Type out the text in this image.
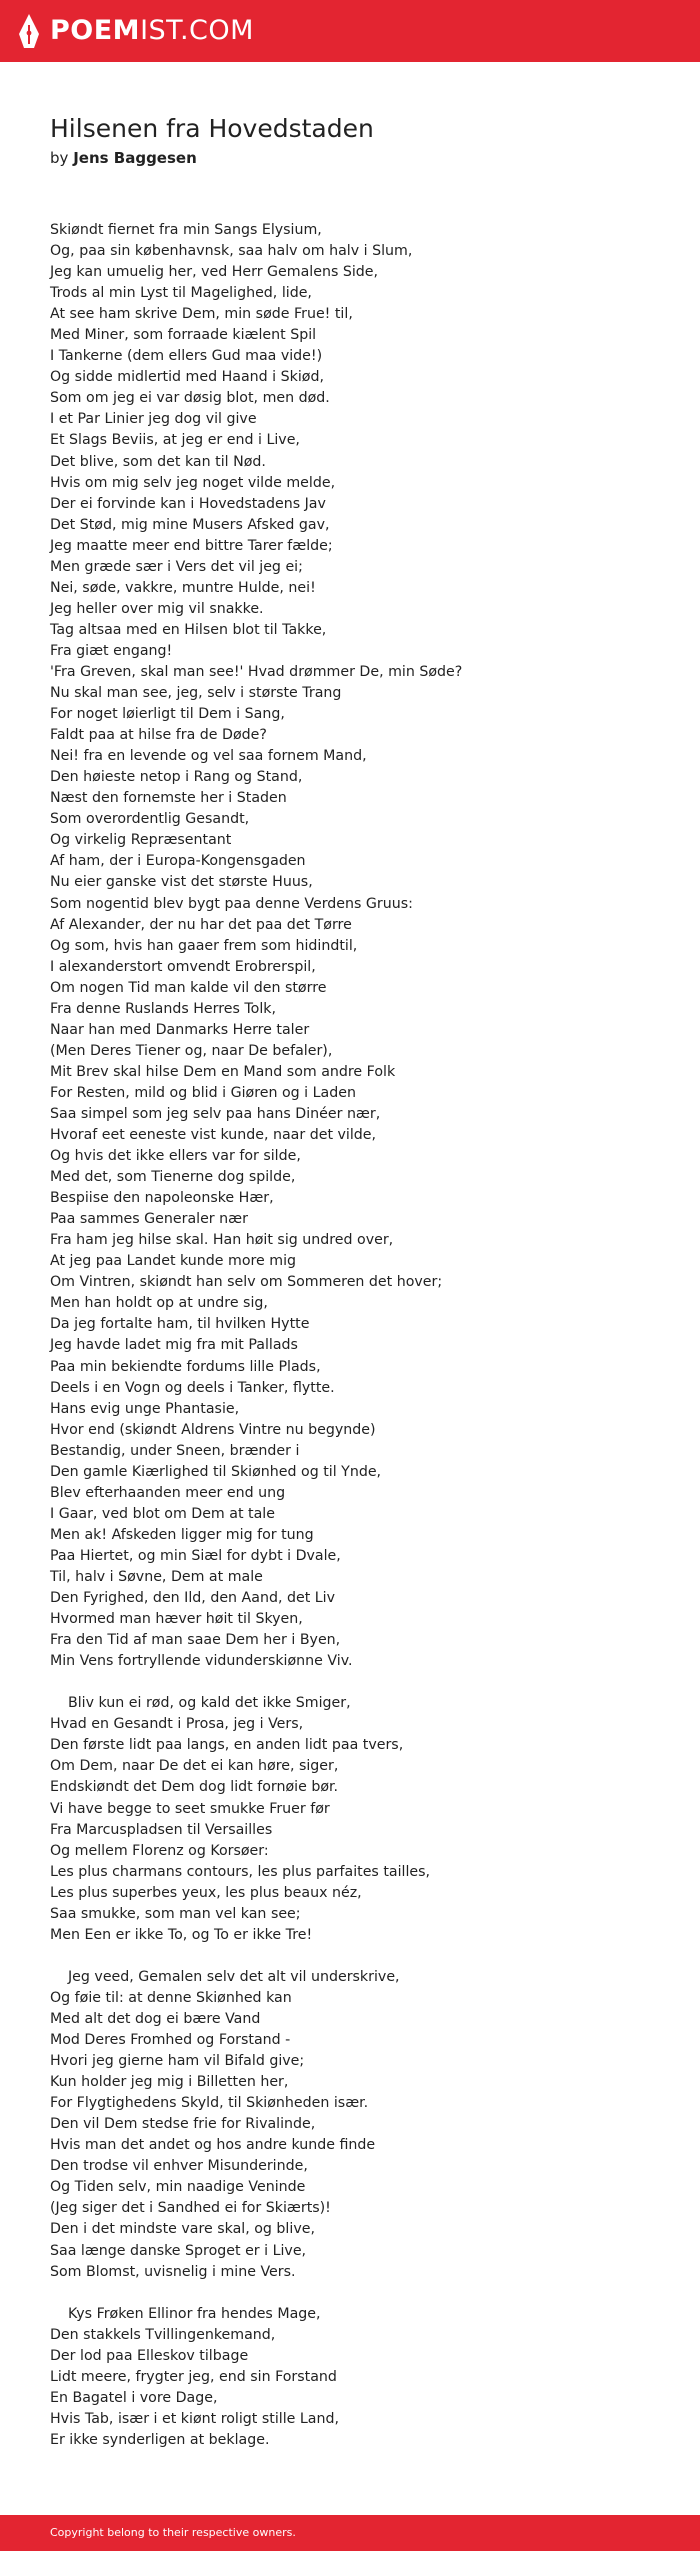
POEMIST.COM
Hilsenen fra Hovedstaden
by Jens Baggesen
Skiøndt fiernet fra min Sangs Elysium,
Og, paa sin københavnsk, saa halv om halv i Slum,
Jeg kan umuelig her, ved Herr Gemalens Side,
Trods al min Lyst til Magelighed, lide,
At see ham skrive Dem, min søde Frue! til,
Med Miner, som forraade kiælent Spil
I Tankerne (dem ellers Gud maa vide!)
Og sidde midlertid med Haand i Skiød,
Som om jeg ei var døsig blot, men død.
I et Par Linier jeg dog vil give
Et Slags Beviis, at jeg er end i Live,
Det blive, som det kan til Nød.
Hvis om mig selv jeg noget vilde melde,
Der ei forvinde kan i Hovedstadens Jav
Det Stød, mig mine Musers Afsked gav,
Jeg maatte meer end bittre Tarer fælde;
Men græde sær i Vers det vil jeg ei;
Nei, søde, vakkre, muntre Hulde, nei!
Jeg heller over mig vil snakke.
Tag altsaa med en Hilsen blot til Takke,
Fra giæt engang!
'Fra Greven, skal man see!' Hvad drømmer De, min Søde?
Nu skal man see, jeg, selv i største Trang
For noget løierligt til Dem i Sang,
Faldt paa at hilse fra de Døde?
Nei! fra en levende og vel saa fornem Mand,
Den høieste netop i Rang og Stand,
Næst den fornemste her i Staden
Som overordentlig Gesandt,
Og virkelig Repræsentant
Af ham, der i Europa-Kongensgaden
Nu eier ganske vist det største Huus,
Som nogentid blev bygt paa denne Verdens Gruus:
Af Alexander, der nu har det paa det Tørre
Og som, hvis han gaaer frem som hidindtil,
I alexanderstort omvendt Erobrerspil,
Om nogen Tid man kalde vil den større
Fra denne Ruslands Herres Tolk,
Naar han med Danmarks Herre taler
(Men Deres Tiener og, naar De befaler),
Mit Brev skal hilse Dem en Mand som andre Folk
For Resten, mild og blid i Giøren og i Laden
Saa simpel som jeg selv paa hans Dinéer nær,
Hvoraf eet eeneste vist kunde, naar det vilde,
Og hvis det ikke ellers var for silde,
Med det, som Tienerne dog spilde,
Bespiise den napoleonske Hær,
Paa sammes Generaler nær
Fra ham jeg hilse skal. Han høit sig undred over,
At jeg paa Landet kunde more mig
Om Vintren, skiøndt han selv om Sommeren det hover;
Men han holdt op at undre sig,
Da jeg fortalte ham, til hvilken Hytte
Jeg havde ladet mig fra mit Pallads
Paa min bekiendte fordums lille Plads,
Deels i en Vogn og deels i Tanker, flytte.
Hans evig unge Phantasie,
Hvor end (skiøndt Aldrens Vintre nu begynde)
Bestandig, under Sneen, brænder i
Den gamle Kiærlighed til Skiønhed og til Ynde,
Blev efterhaanden meer end ung
I Gaar, ved blot om Dem at tale
Men ak! Afskeden ligger mig for tung
Paa Hiertet, og min Siæl for dybt i Dvale,
Til, halv i Søvne, Dem at male
Den Fyrighed, den Ild, den Aand, det Liv
Hvormed man hæver høit til Skyen,
Fra den Tid af man saae Dem her i Byen,
Min Vens fortryllende vidunderskiønne Viv.
Bliv kun ei rød, og kald det ikke Smiger,
Hvad en Gesandt i Prosa, jeg i Vers,
Den første lidt paa langs, en anden lidt paa tvers,
Om Dem, naar De det ei kan høre, siger,
Endskiøndt det Dem dog lidt fornøie bør.
Vi have begge to seet smukke Fruer før
Fra Marcuspladsen til Versailles
Og mellem Florenz og Korsøer:
Les plus charmans contours, les plus parfaites tailles,
Les plus superbes yeux, les plus beaux néz,
Saa smukke, som man vel kan see;
Men Een er ikke To, og To er ikke Tre!
Jeg veed, Gemalen selv det alt vil underskrive,
Og føie til: at denne Skiønhed kan
Med alt det dog ei bære Vand
Mod Deres Fromhed og Forstand -
Hvori jeg gierne ham vil Bifald give;
Kun holder jeg mig i Billetten her,
For Flygtighedens Skyld, til Skiønheden især.
Den vil Dem stedse frie for Rivalinde,
Hvis man det andet og hos andre kunde finde
Den trodse vil enhver Misunderinde,
Og Tiden selv, min naadige Veninde
(Jeg siger det i Sandhed ei for Skiærts)!
Den i det mindste vare skal, og blive,
Saa længe danske Sproget er i Live,
Som Blomst, uvisnelig i mine Vers.
Kys Frøken Ellinor fra hendes Mage,
Den stakkels Tvillingenkemand,
Der lod paa Elleskov tilbage
Lidt meere, frygter jeg, end sin Forstand
En Bagatel i vore Dage,
Hvis Tab, især i et kiønt roligt stille Land,
Er ikke synderligen at beklage.
Copyright belong to their respective owners.
